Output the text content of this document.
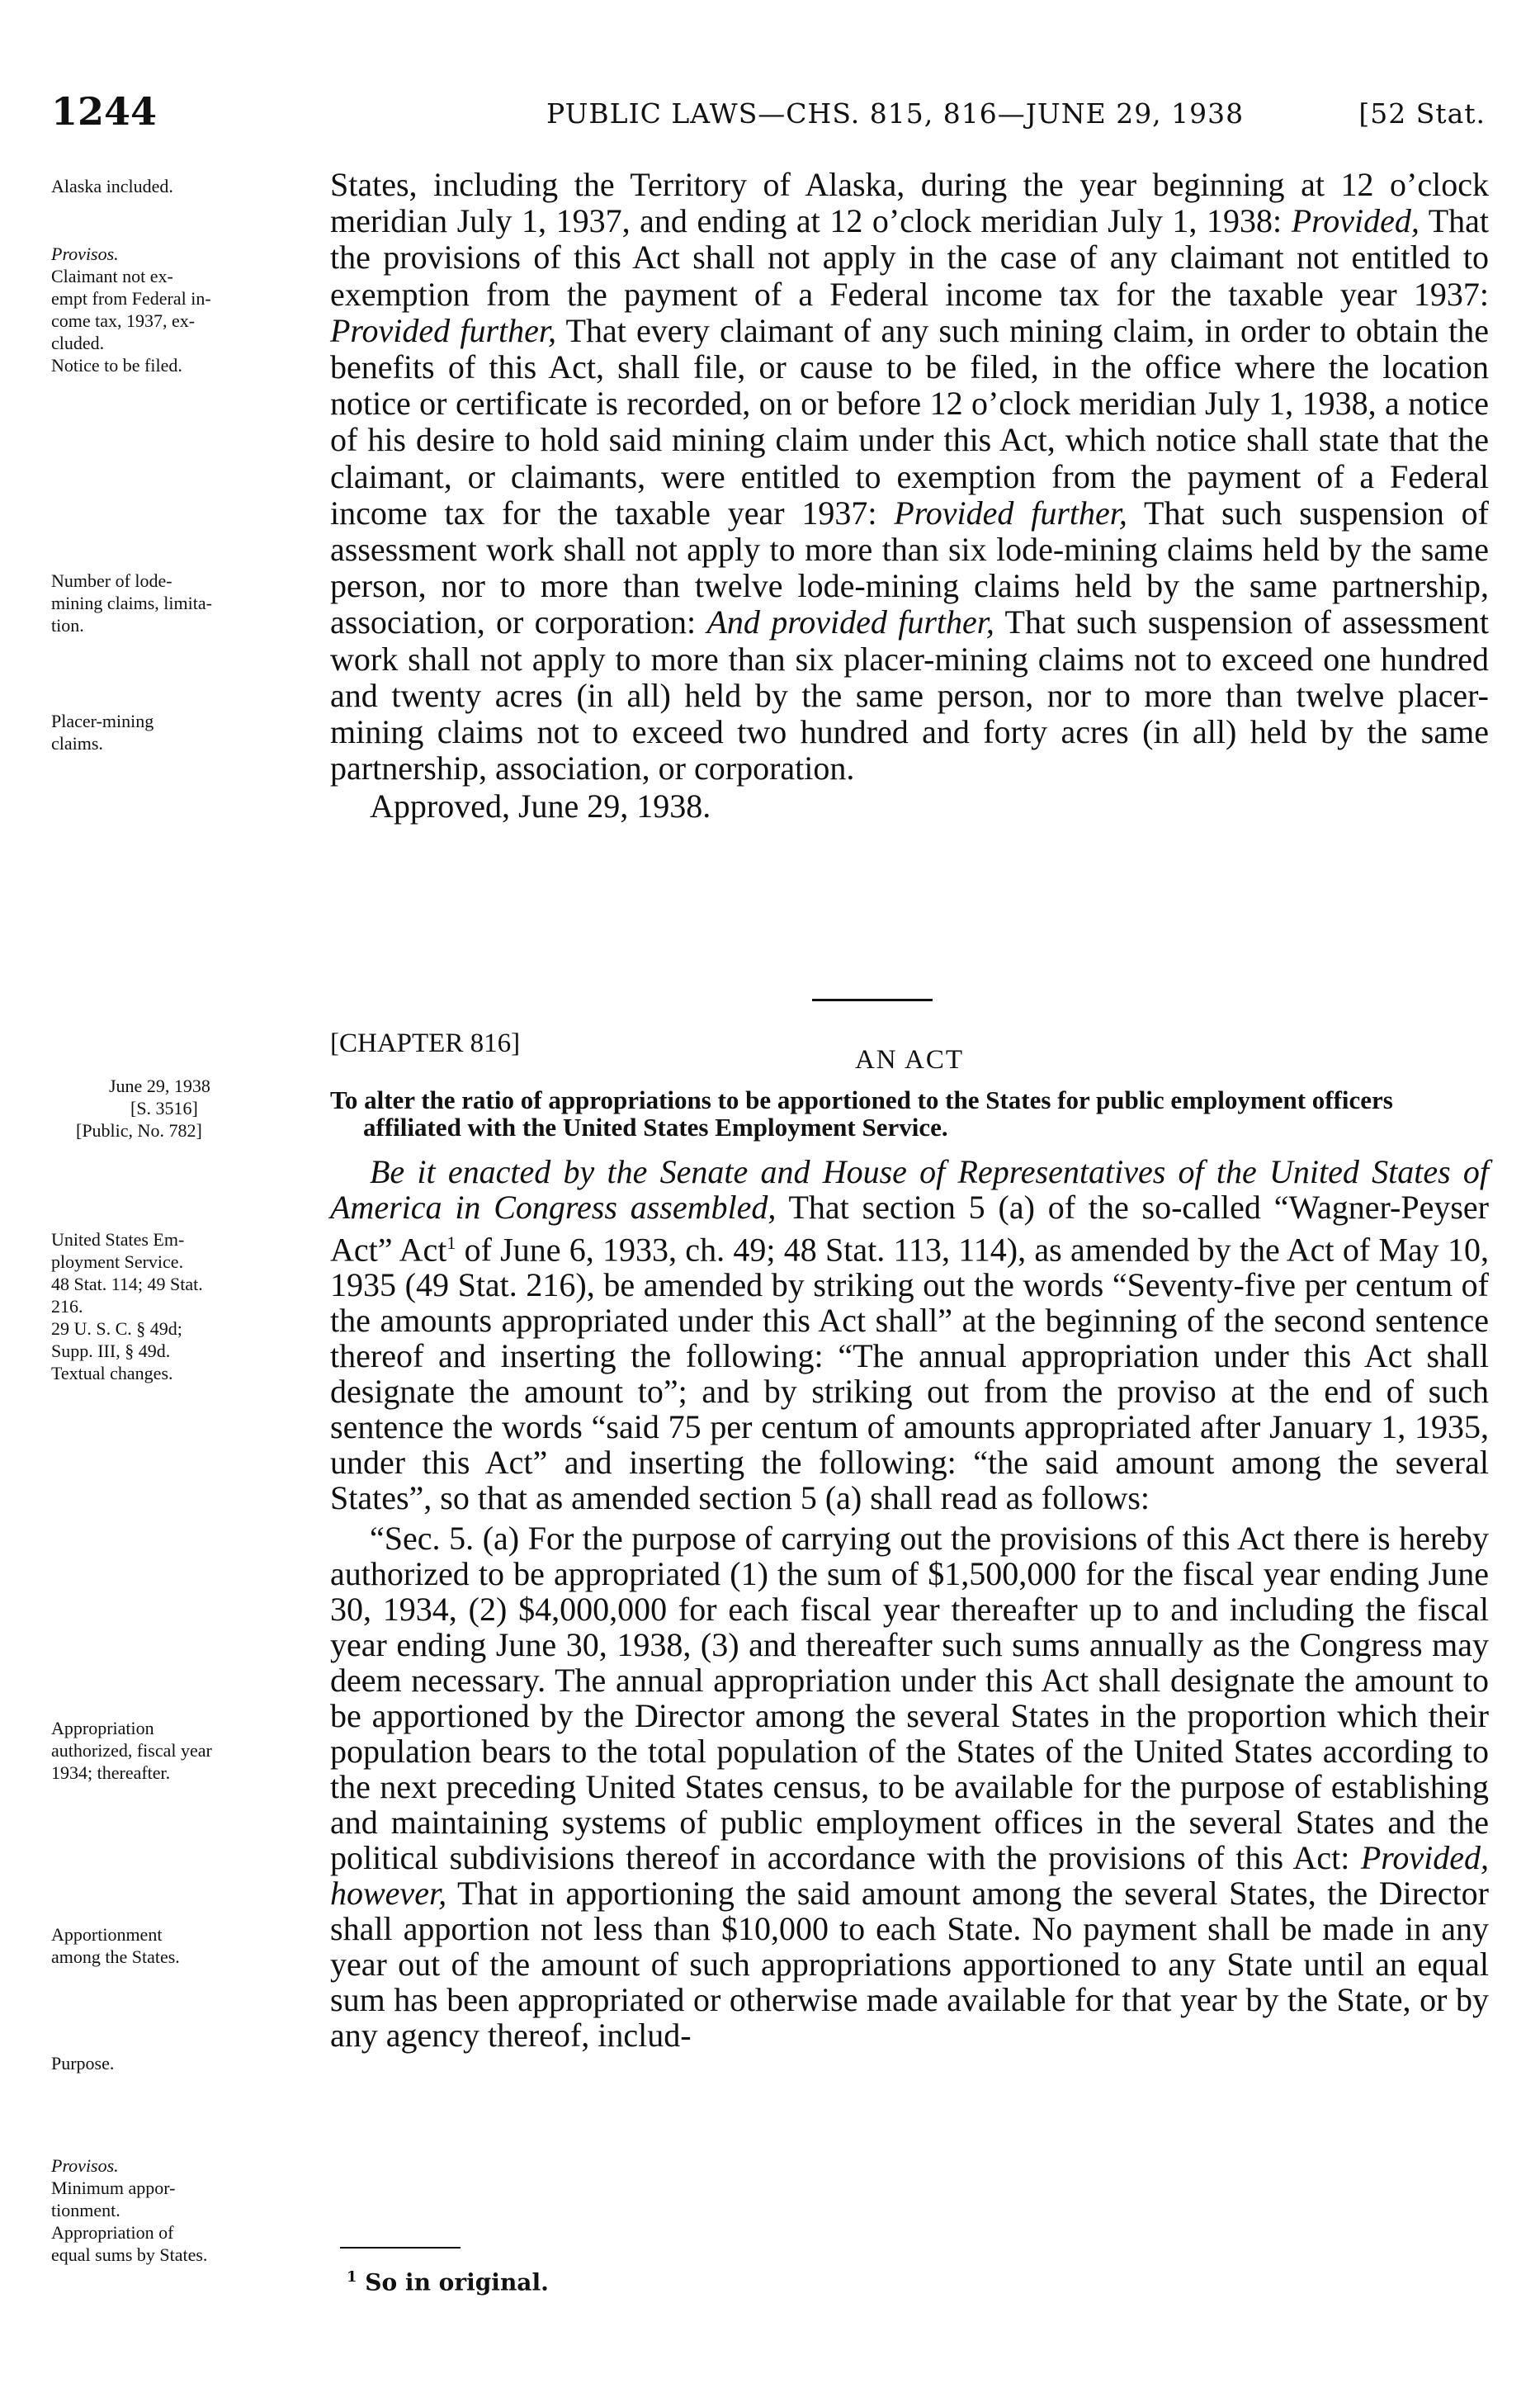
1244	PUBLIC LAWS—CHS. 815, 816—JUNE 29, 1938	[52 Stat.
Alaska included.
Provisos.
Claimant not ex-
empt from Federal in-
come tax, 1937, ex-
cluded.
Notice to be filed.
Number of lode-
mining claims, limita-
tion.
Placer-mining
claims.
June 29, 1938
[S. 3516]
[Public, No. 782]
United States Em-
ployment Service.
48 Stat. 114; 49 Stat.
216.
29 U. S. C. § 49d;
Supp. III, § 49d.
Textual changes.
Appropriation
authorized, fiscal year
1934; thereafter.
Apportionment
among the States.
Purpose.
Provisos.
Minimum appor-
tionment.
Appropriation of
equal sums by States.

States, including the Territory of Alaska, during the year beginning at 12 o’clock meridian July 1, 1937, and ending at 12 o’clock meridian July 1, 1938: Provided, That the provisions of this Act shall not apply in the case of any claimant not entitled to exemption from the payment of a Federal income tax for the taxable year 1937: Provided further, That every claimant of any such mining claim, in order to obtain the benefits of this Act, shall file, or cause to be filed, in the office where the location notice or certificate is recorded, on or before 12 o’clock meridian July 1, 1938, a notice of his desire to hold said mining claim under this Act, which notice shall state that the claimant, or claimants, were entitled to exemption from the payment of a Federal income tax for the taxable year 1937: Provided further, That such suspension of assessment work shall not apply to more than six lode-mining claims held by the same person, nor to more than twelve lode-mining claims held by the same partnership, association, or corporation: And provided further, That such suspension of assessment work shall not apply to more than six placer-mining claims not to exceed one hundred and twenty acres (in all) held by the same person, nor to more than twelve placer-mining claims not to exceed two hundred and forty acres (in all) held by the same partnership, association, or corporation.

Approved, June 29, 1938.

[CHAPTER 816]
AN ACT
To alter the ratio of appropriations to be apportioned to the States for public employment officers affiliated with the United States Employment Service.

Be it enacted by the Senate and House of Representatives of the United States of America in Congress assembled, That section 5 (a) of the so-called “Wagner-Peyser Act” Act$^1$ of June 6, 1933, ch. 49; 48 Stat. 113, 114), as amended by the Act of May 10, 1935 (49 Stat. 216), be amended by striking out the words “Seventy-five per centum of the amounts appropriated under this Act shall” at the beginning of the second sentence thereof and inserting the following: “The annual appropriation under this Act shall designate the amount to”; and by striking out from the proviso at the end of such sentence the words “said 75 per centum of amounts appropriated after January 1, 1935, under this Act” and inserting the following: “the said amount among the several States”, so that as amended section 5 (a) shall read as follows:

“Sec. 5. (a) For the purpose of carrying out the provisions of this Act there is hereby authorized to be appropriated (1) the sum of $1,500,000 for the fiscal year ending June 30, 1934, (2) $4,000,000 for each fiscal year thereafter up to and including the fiscal year ending June 30, 1938, (3) and thereafter such sums annually as the Congress may deem necessary. The annual appropriation under this Act shall designate the amount to be apportioned by the Director among the several States in the proportion which their population bears to the total population of the States of the United States according to the next preceding United States census, to be available for the purpose of establishing and maintaining systems of public employment offices in the several States and the political subdivisions thereof in accordance with the provisions of this Act: Provided, however, That in apportioning the said amount among the several States, the Director shall apportion not less than $10,000 to each State. No payment shall be made in any year out of the amount of such appropriations apportioned to any State until an equal sum has been appropriated or otherwise made available for that year by the State, or by any agency thereof, includ-

$^1$ So in original.
